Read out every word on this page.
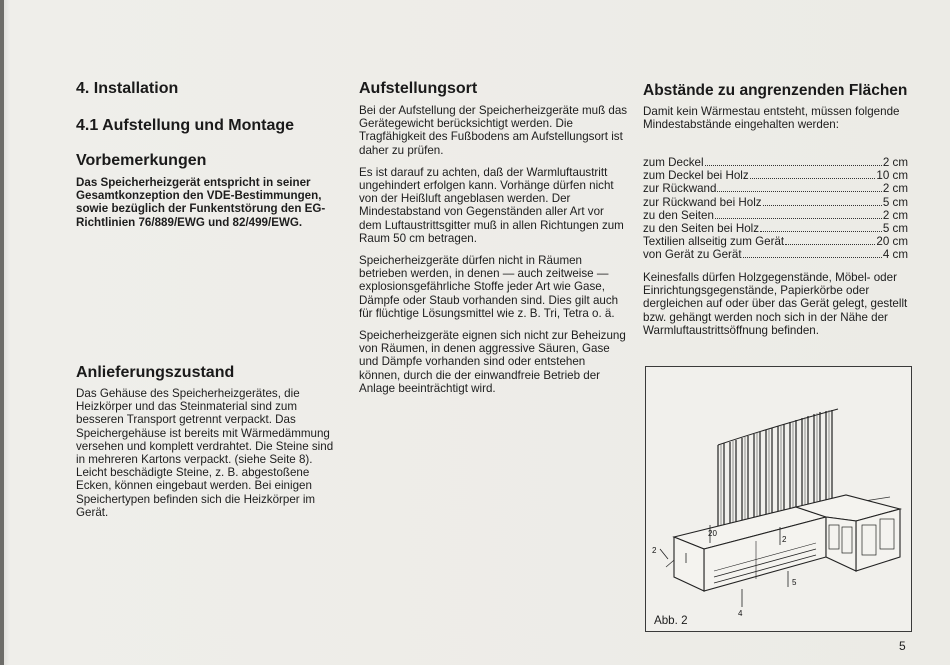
4. Installation
4.1 Aufstellung und Montage
Vorbemerkungen

Das Speicherheizgerät entspricht in seiner Gesamtkonzeption den VDE-Bestimmungen, sowie bezüglich der Funkentstörung den EG-Richtlinien 76/889/EWG und 82/499/EWG.

Anlieferungszustand

Das Gehäuse des Speicherheizgerätes, die Heizkörper und das Steinmaterial sind zum besseren Transport getrennt verpackt. Das Speichergehäuse ist bereits mit Wärmedämmung versehen und komplett verdrahtet. Die Steine sind in mehreren Kartons verpackt. (siehe Seite 8). Leicht beschädigte Steine, z. B. abgestoßene Ecken, können eingebaut werden. Bei einigen Speichertypen befinden sich die Heizkörper im Gerät.

Aufstellungsort

Bei der Aufstellung der Speicherheizgeräte muß das Gerätegewicht berücksichtigt werden. Die Tragfähigkeit des Fußbodens am Aufstellungsort ist daher zu prüfen.

Es ist darauf zu achten, daß der Warmluftaustritt ungehindert erfolgen kann. Vorhänge dürfen nicht von der Heißluft angeblasen werden. Der Mindestabstand von Gegenständen aller Art vor dem Luftaustrittsgitter muß in allen Richtungen zum Raum 50 cm betragen.

Speicherheizgeräte dürfen nicht in Räumen betrieben werden, in denen — auch zeitweise — explosionsgefährliche Stoffe jeder Art wie Gase, Dämpfe oder Staub vorhanden sind. Dies gilt auch für flüchtige Lösungsmittel wie z. B. Tri, Tetra o. ä.

Speicherheizgeräte eignen sich nicht zur Beheizung von Räumen, in denen aggressive Säuren, Gase und Dämpfe vorhanden sind oder entstehen können, durch die der einwandfreie Betrieb der Anlage beeinträchtigt wird.

Abstände zu angrenzenden Flächen

Damit kein Wärmestau entsteht, müssen folgende Mindestabstände eingehalten werden:

zum Deckel	2 cm
zum Deckel bei Holz	10 cm
zur Rückwand	2 cm
zur Rückwand bei Holz	5 cm
zu den Seiten	2 cm
zu den Seiten bei Holz	5 cm
Textilien allseitig zum Gerät	20 cm
von Gerät zu Gerät	4 cm

Keinesfalls dürfen Holzgegenstände, Möbel- oder Einrichtungsgegenstände, Papierkörbe oder dergleichen auf oder über das Gerät gelegt, gestellt bzw. gehängt werden noch sich in der Nähe der Warmluftaustrittsöffnung befinden.

20
2
2
5
4
Abb. 2
5
